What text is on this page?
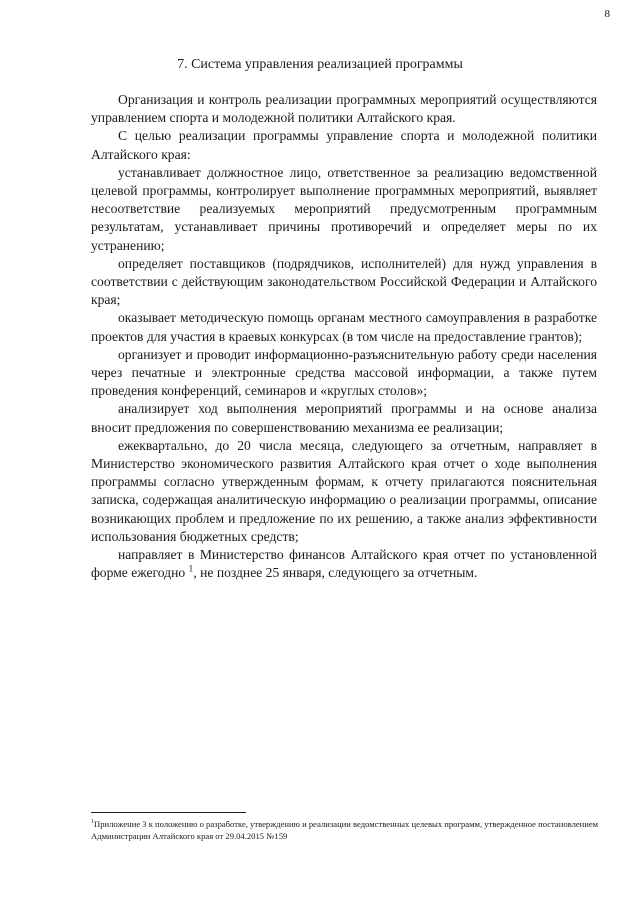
8
7. Система управления реализацией программы

Организация и контроль реализации программных мероприятий осуществляются управлением спорта и молодежной политики Алтайского края.

С целью реализации программы управление спорта и молодежной политики Алтайского края:

устанавливает должностное лицо, ответственное за реализацию ведомственной целевой программы, контролирует выполнение программных мероприятий, выявляет несоответствие реализуемых мероприятий предусмотренным программным результатам, устанавливает причины противоречий и определяет меры по их устранению;

определяет поставщиков (подрядчиков, исполнителей) для нужд управления в соответствии с действующим законодательством Российской Федерации и Алтайского края;

оказывает методическую помощь органам местного самоуправления в разработке проектов для участия в краевых конкурсах (в том числе на предоставление грантов);

организует и проводит информационно-разъяснительную работу среди населения через печатные и электронные средства массовой информации, а также путем проведения конференций, семинаров и «круглых столов»;

анализирует ход выполнения мероприятий программы и на основе анализа вносит предложения по совершенствованию механизма ее реализации;

ежеквартально, до 20 числа месяца, следующего за отчетным, направляет в Министерство экономического развития Алтайского края отчет о ходе выполнения программы согласно утвержденным формам, к отчету прилагаются пояснительная записка, содержащая аналитическую информацию о реализации программы, описание возникающих проблем и предложение по их решению, а также анализ эффективности использования бюджетных средств;

направляет в Министерство финансов Алтайского края отчет по установленной форме ежегодно $^1$, не позднее 25 января, следующего за отчетным.

$^1$Приложение 3 к положению о разработке, утверждению и реализации ведомственных целевых программ, утвержденное постановлением Администрации Алтайского края от 29.04.2015 №159
